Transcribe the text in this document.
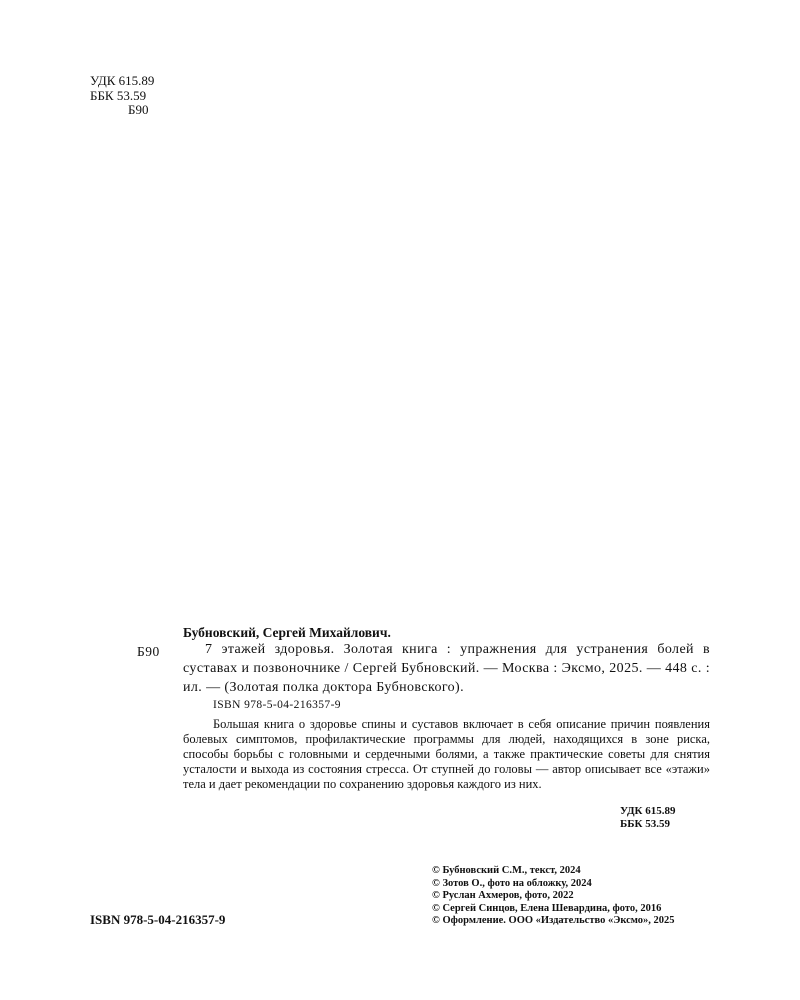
УДК 615.89
ББК 53.59
Б90
Бубновский, Сергей Михайлович.
Б90	7 этажей здоровья. Золотая книга : упражнения для устранения болей в суставах и позвоночнике / Сергей Бубновский. — Москва : Эксмо, 2025. — 448 с. : ил. — (Золотая полка доктора Бубновского).
ISBN 978-5-04-216357-9
Большая книга о здоровье спины и суставов включает в себя описание причин появления болевых симптомов, профилактические программы для людей, находящихся в зоне риска, способы борьбы с головными и сердечными болями, а также практические советы для снятия усталости и выхода из состояния стресса. От ступней до головы — автор описывает все «этажи» тела и дает рекомендации по сохранению здоровья каждого из них.
УДК 615.89
ББК 53.59
ISBN 978-5-04-216357-9
© Бубновский С.М., текст, 2024
© Зотов О., фото на обложку, 2024
© Руслан Ахмеров, фото, 2022
© Сергей Синцов, Елена Шевардина, фото, 2016
© Оформление. ООО «Издательство «Эксмо», 2025
